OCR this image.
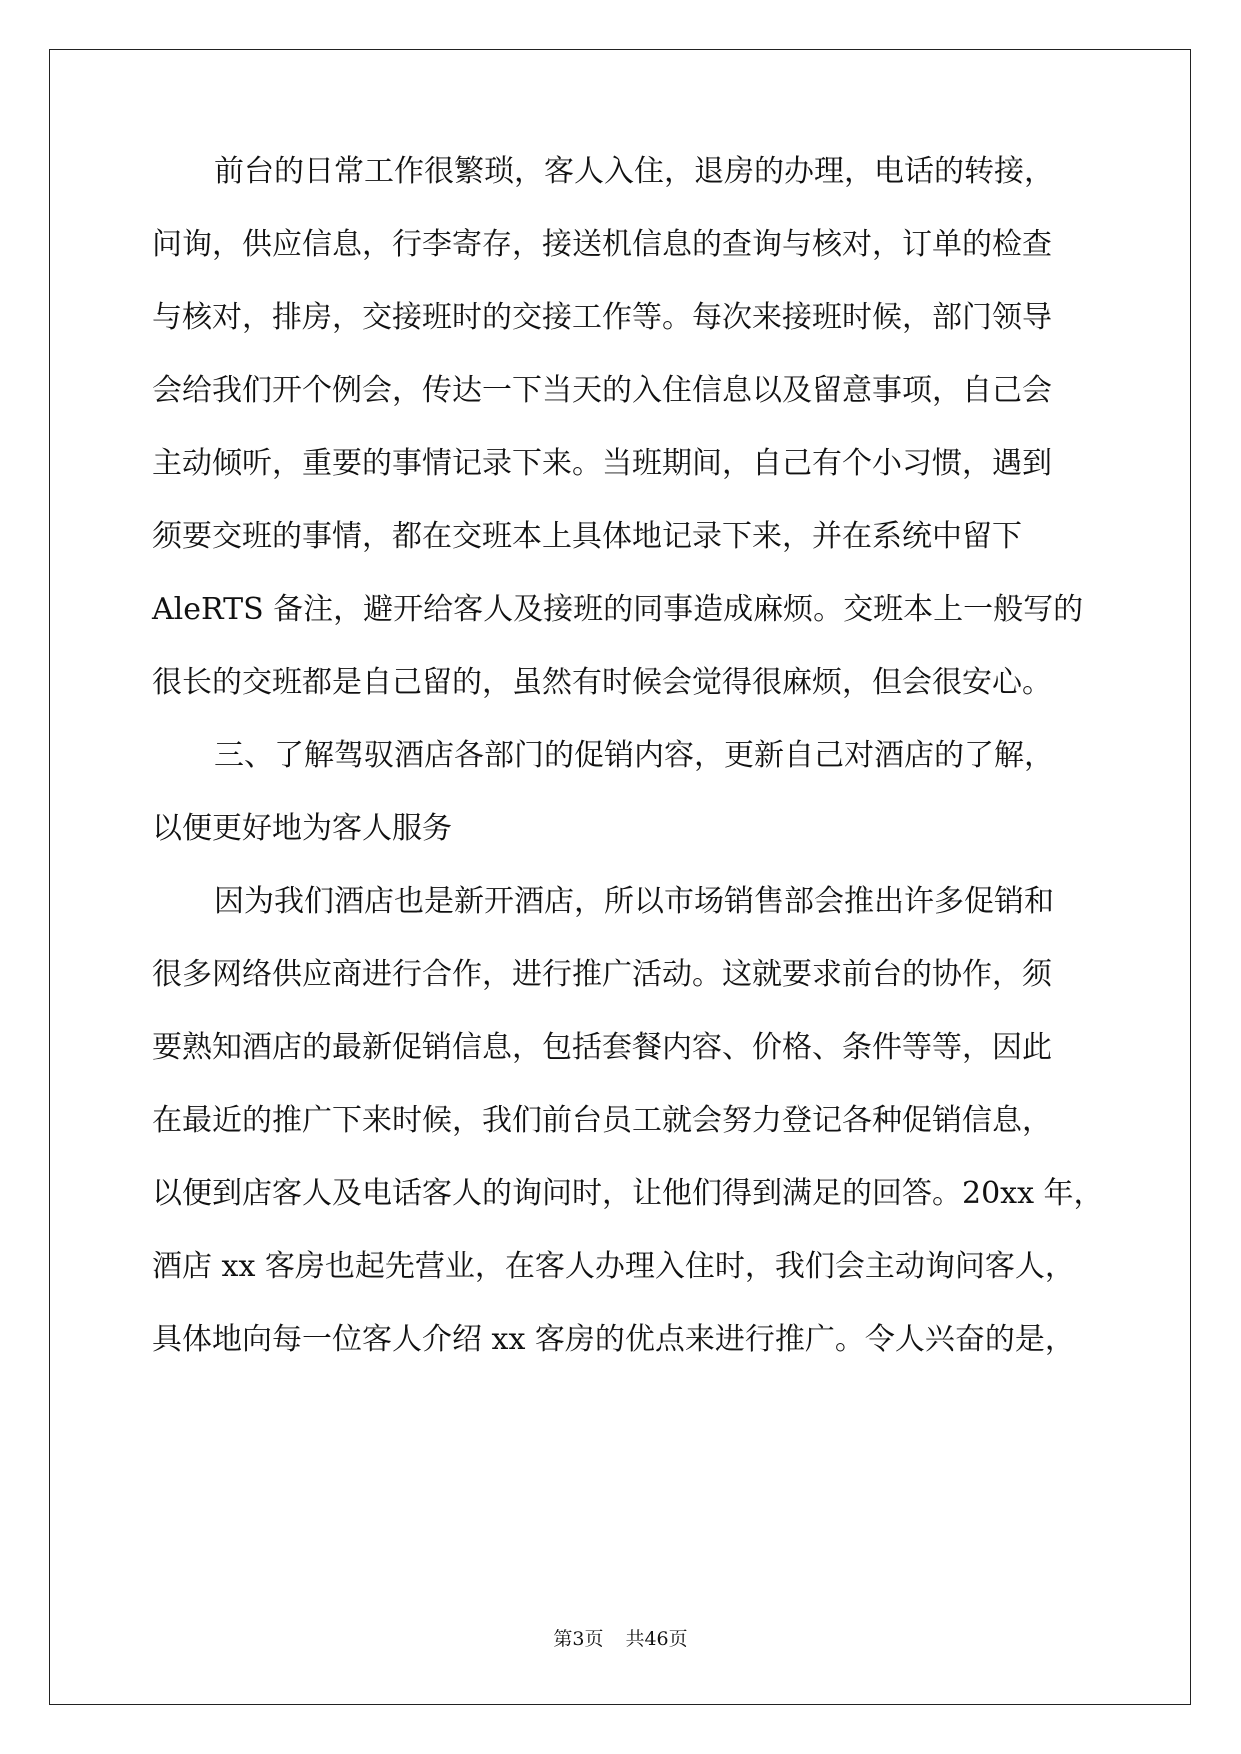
前台的日常工作很繁琐，客人入住，退房的办理，电话的转接，
问询，供应信息，行李寄存，接送机信息的查询与核对，订单的检查
与核对，排房，交接班时的交接工作等。每次来接班时候，部门领导
会给我们开个例会，传达一下当天的入住信息以及留意事项，自己会
主动倾听，重要的事情记录下来。当班期间，自己有个小习惯，遇到
须要交班的事情，都在交班本上具体地记录下来，并在系统中留下
AleRTS 备注，避开给客人及接班的同事造成麻烦。交班本上一般写的
很长的交班都是自己留的，虽然有时候会觉得很麻烦，但会很安心。
三、了解驾驭酒店各部门的促销内容，更新自己对酒店的了解，
以便更好地为客人服务
因为我们酒店也是新开酒店，所以市场销售部会推出许多促销和
很多网络供应商进行合作，进行推广活动。这就要求前台的协作，须
要熟知酒店的最新促销信息，包括套餐内容、价格、条件等等，因此
在最近的推广下来时候，我们前台员工就会努力登记各种促销信息，
以便到店客人及电话客人的询问时，让他们得到满足的回答。20xx 年，
酒店 xx 客房也起先营业，在客人办理入住时，我们会主动询问客人，
具体地向每一位客人介绍 xx 客房的优点来进行推广。令人兴奋的是，
第3页 共46页
